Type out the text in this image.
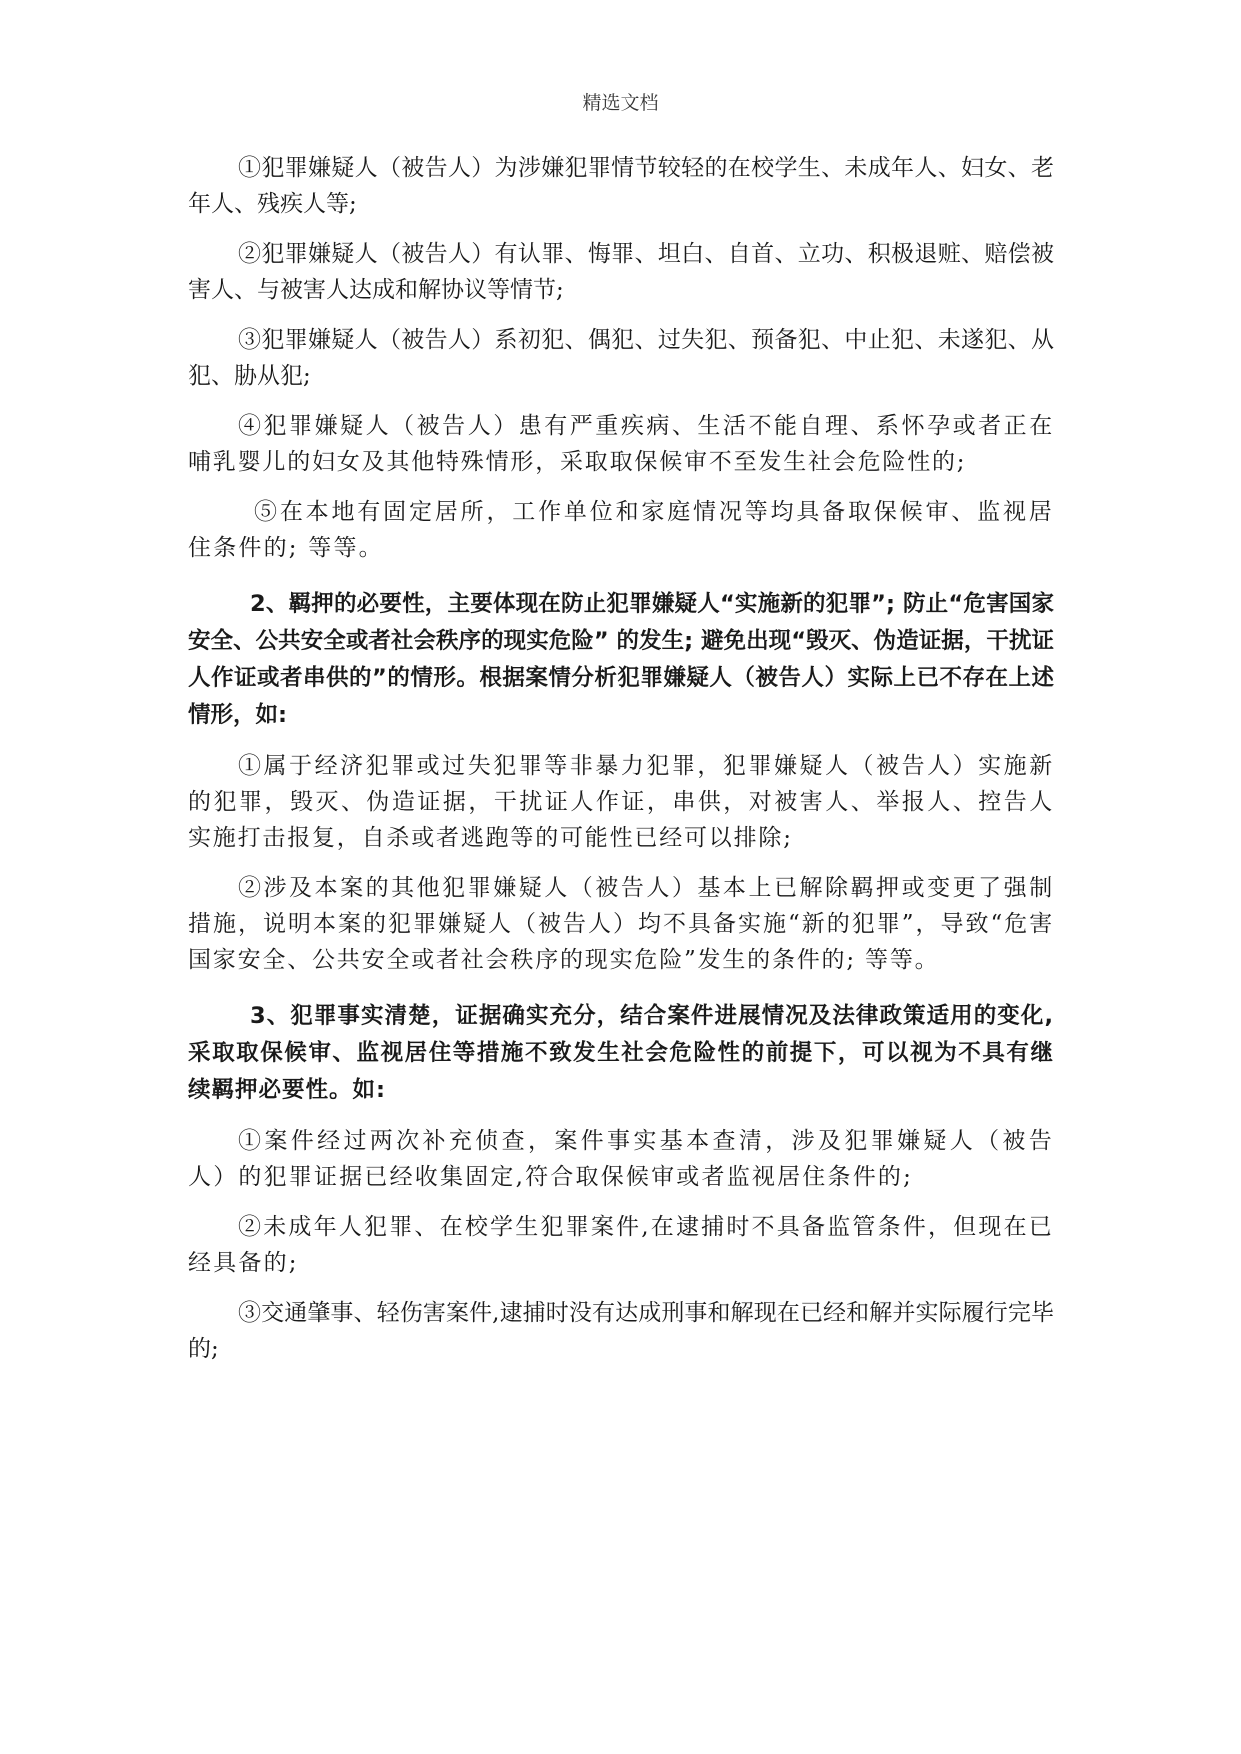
精选文档

①犯罪嫌疑人（被告人）为涉嫌犯罪情节较轻的在校学生、未成年人、妇女、老年人、残疾人等;

②犯罪嫌疑人（被告人）有认罪、悔罪、坦白、自首、立功、积极退赃、赔偿被害人、与被害人达成和解协议等情节;

③犯罪嫌疑人（被告人）系初犯、偶犯、过失犯、预备犯、中止犯、未遂犯、从犯、胁从犯;

④犯罪嫌疑人（被告人）患有严重疾病、生活不能自理、系怀孕或者正在哺乳婴儿的妇女及其他特殊情形，采取取保候审不至发生社会危险性的;

⑤在本地有固定居所，工作单位和家庭情况等均具备取保候审、监视居住条件的; 等等。

2、羁押的必要性，主要体现在防止犯罪嫌疑人“实施新的犯罪”; 防止“危害国家安全、公共安全或者社会秩序的现实危险” 的发生; 避免出现“毁灭、伪造证据，干扰证人作证或者串供的”的情形。根据案情分析犯罪嫌疑人（被告人）实际上已不存在上述情形，如:

①属于经济犯罪或过失犯罪等非暴力犯罪，犯罪嫌疑人（被告人）实施新的犯罪，毁灭、伪造证据，干扰证人作证，串供，对被害人、举报人、控告人实施打击报复，自杀或者逃跑等的可能性已经可以排除;

②涉及本案的其他犯罪嫌疑人（被告人）基本上已解除羁押或变更了强制措施，说明本案的犯罪嫌疑人（被告人）均不具备实施“新的犯罪”，导致“危害国家安全、公共安全或者社会秩序的现实危险”发生的条件的; 等等。

3、犯罪事实清楚，证据确实充分，结合案件进展情况及法律政策适用的变化,采取取保候审、监视居住等措施不致发生社会危险性的前提下，可以视为不具有继续羁押必要性。如:

①案件经过两次补充侦查，案件事实基本查清，涉及犯罪嫌疑人（被告人）的犯罪证据已经收集固定,符合取保候审或者监视居住条件的;

②未成年人犯罪、在校学生犯罪案件,在逮捕时不具备监管条件，但现在已经具备的;

③交通肇事、轻伤害案件,逮捕时没有达成刑事和解现在已经和解并实际履行完毕的;
